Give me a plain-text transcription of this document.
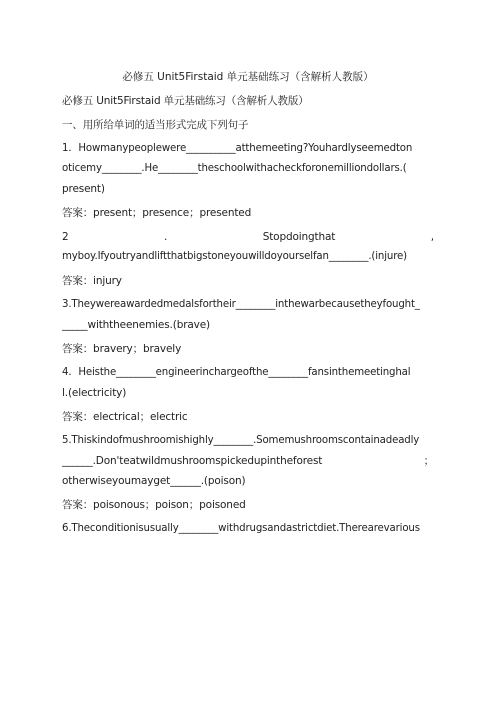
必修五 Unit5Firstaid 单元基础练习（含解析人教版）

必修五 Unit5Firstaid 单元基础练习（含解析人教版）

一、用所给单词的适当形式完成下列句子

1．Howmanypeoplewere__________atthemeeting?Youhardlyseemedton

oticemy________.He________theschoolwithacheckforonemilliondollars.(

present)

答案：present；presence；presented

2	.	Stopdoingthat	,

myboy.Ifyoutryandliftthatbigstoneyouwilldoyourselfan________.(injure)

答案：injury

3.Theywereawardedmedalsfortheir________inthewarbecausetheyfought_

_____withtheenemies.(brave)

答案：bravery；bravely

4．Heisthe________engineerinchargeofthe________fansinthemeetinghal

l.(electricity)

答案：electrical；electric

5.Thiskindofmushroomishighly________.Somemushroomscontainadeadly

______.Don'teatwildmushroomspickedupintheforest	；

otherwiseyoumayget______.(poison)

答案：poisonous；poison；poisoned

6.Theconditionisusually________withdrugsandastrictdiet.Therearevarious
